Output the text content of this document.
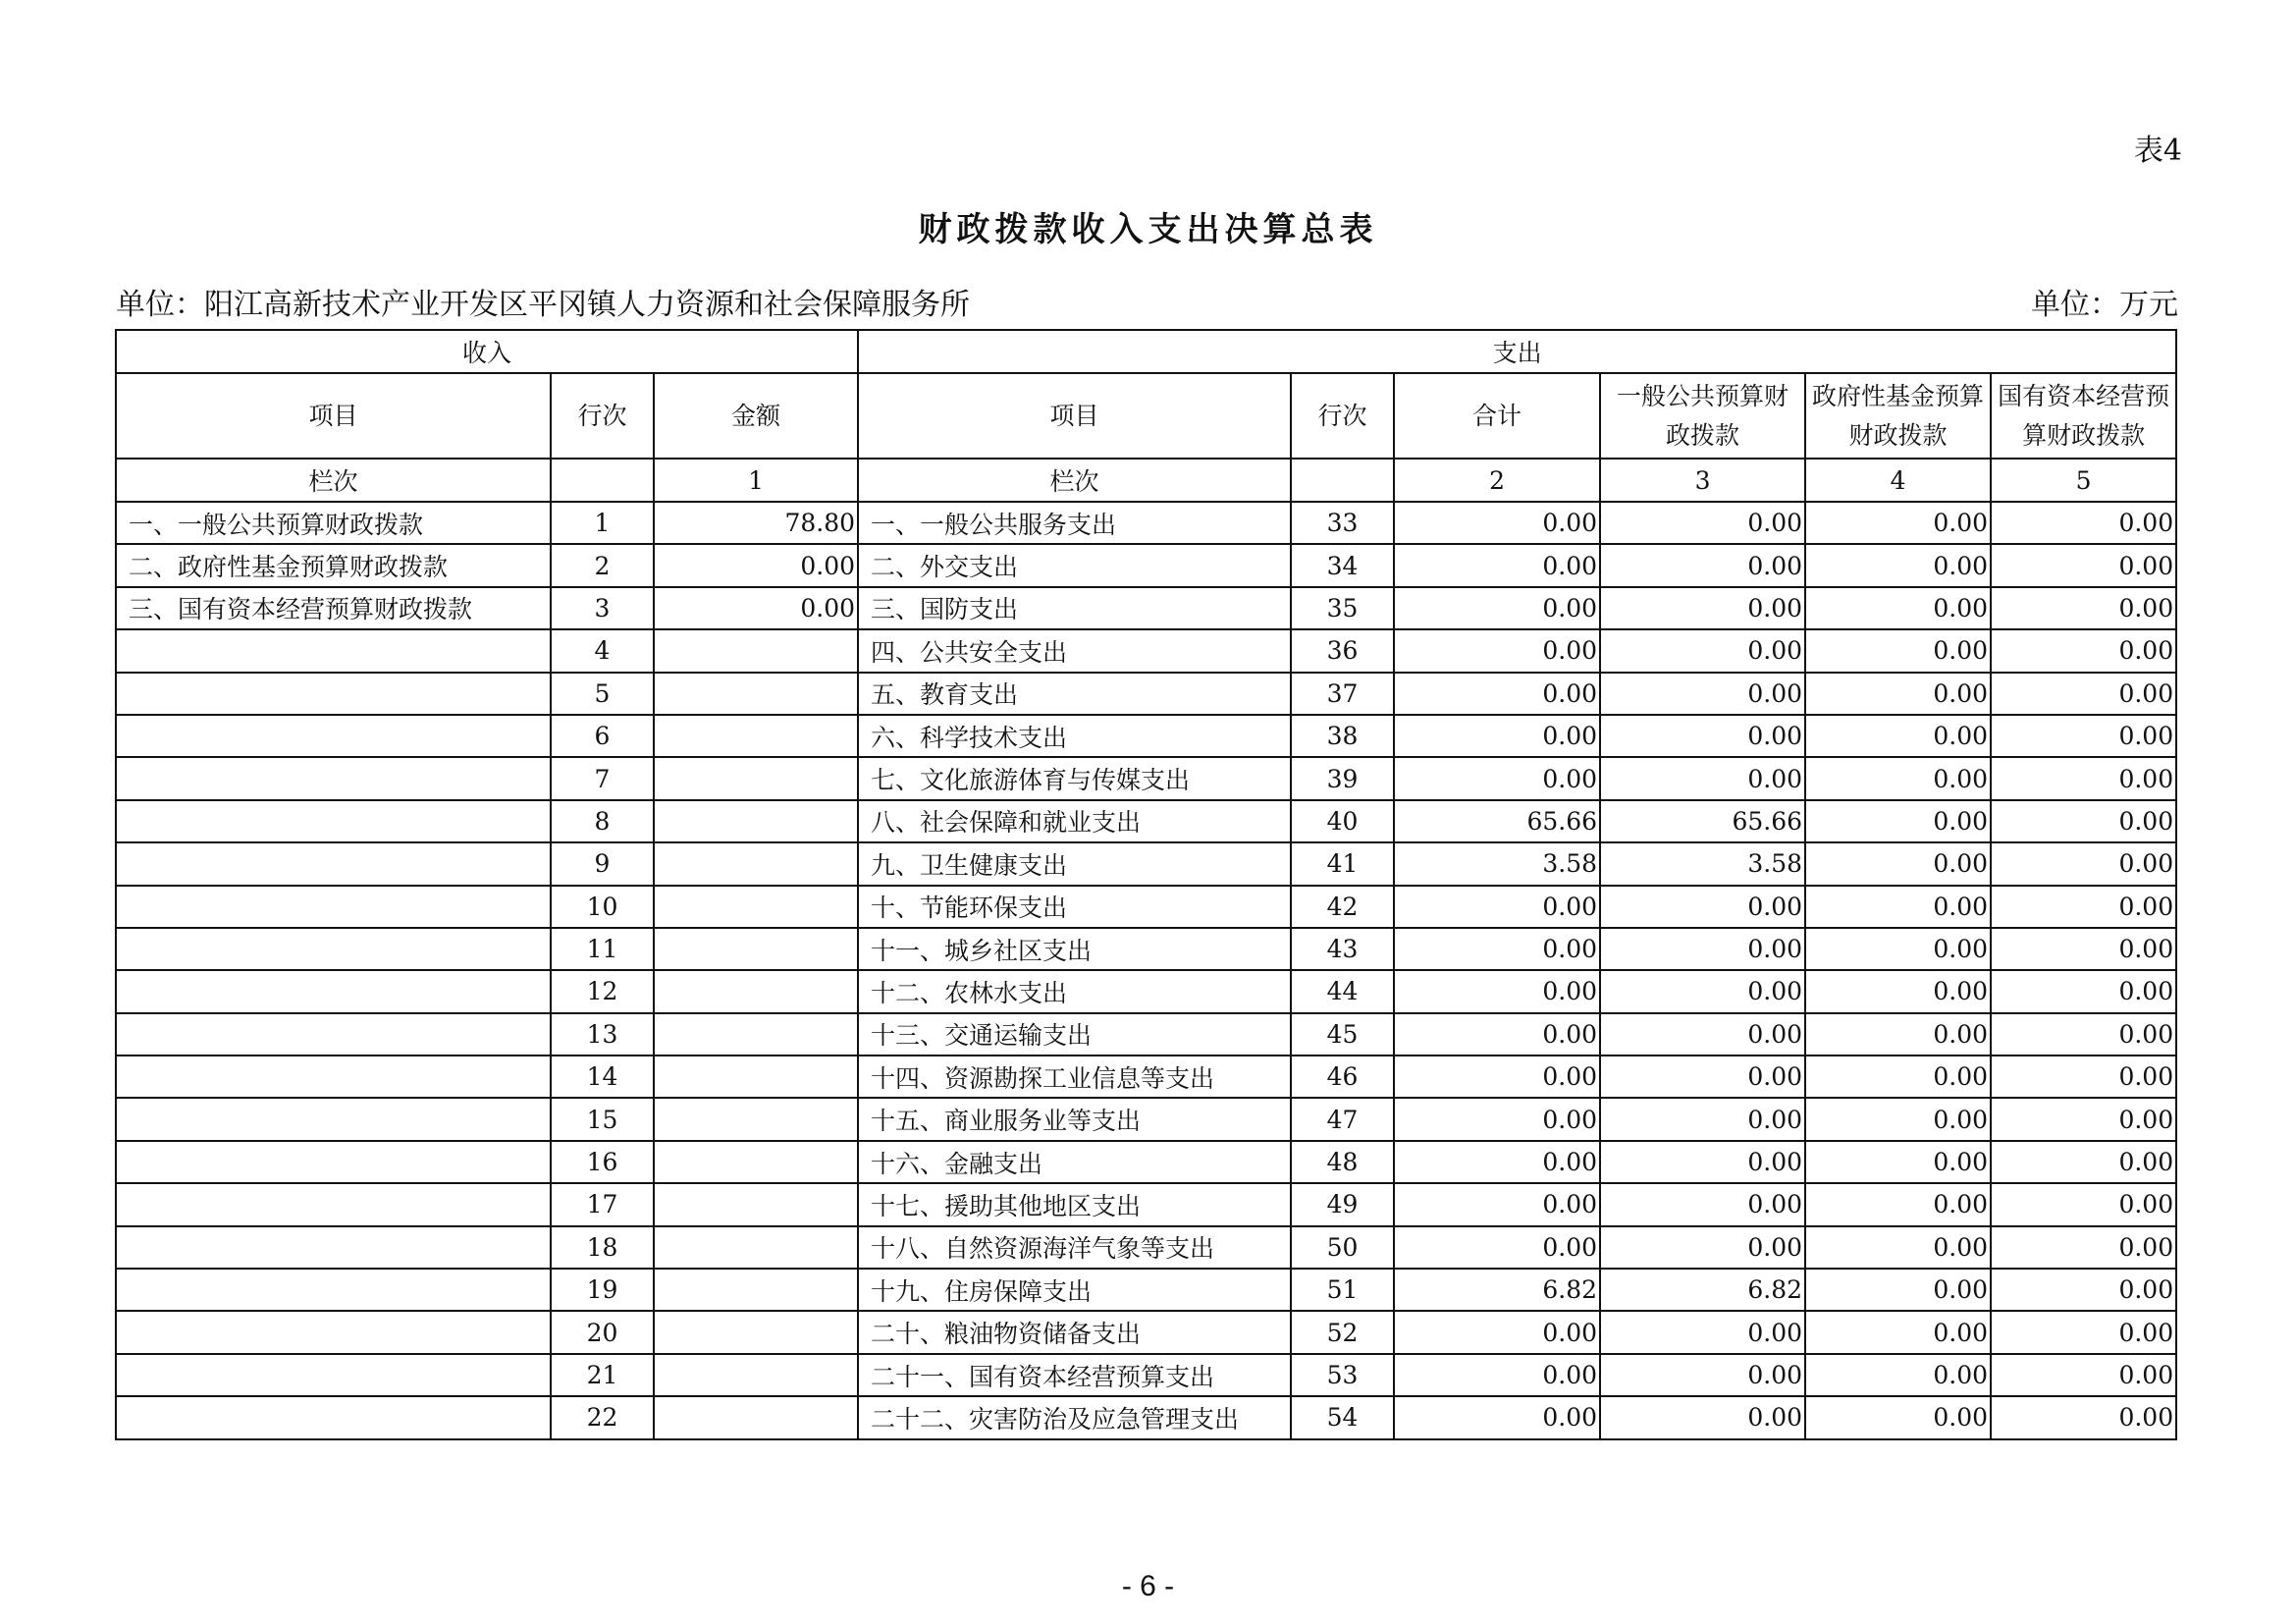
表4
财政拨款收入支出决算总表
单位：阳江高新技术产业开发区平冈镇人力资源和社会保障服务所	单位：万元
收入			支出					
项目	行次	金额	项目	行次	合计	一般公共预算财政拨款	政府性基金预算财政拨款	国有资本经营预算财政拨款
栏次		1	栏次		2	3	4	5
一、一般公共预算财政拨款	1	78.80	一、一般公共服务支出	33	0.00	0.00	0.00	0.00
二、政府性基金预算财政拨款	2	0.00	二、外交支出	34	0.00	0.00	0.00	0.00
三、国有资本经营预算财政拨款	3	0.00	三、国防支出	35	0.00	0.00	0.00	0.00
	4		四、公共安全支出	36	0.00	0.00	0.00	0.00
	5		五、教育支出	37	0.00	0.00	0.00	0.00
	6		六、科学技术支出	38	0.00	0.00	0.00	0.00
	7		七、文化旅游体育与传媒支出	39	0.00	0.00	0.00	0.00
	8		八、社会保障和就业支出	40	65.66	65.66	0.00	0.00
	9		九、卫生健康支出	41	3.58	3.58	0.00	0.00
	10		十、节能环保支出	42	0.00	0.00	0.00	0.00
	11		十一、城乡社区支出	43	0.00	0.00	0.00	0.00
	12		十二、农林水支出	44	0.00	0.00	0.00	0.00
	13		十三、交通运输支出	45	0.00	0.00	0.00	0.00
	14		十四、资源勘探工业信息等支出	46	0.00	0.00	0.00	0.00
	15		十五、商业服务业等支出	47	0.00	0.00	0.00	0.00
	16		十六、金融支出	48	0.00	0.00	0.00	0.00
	17		十七、援助其他地区支出	49	0.00	0.00	0.00	0.00
	18		十八、自然资源海洋气象等支出	50	0.00	0.00	0.00	0.00
	19		十九、住房保障支出	51	6.82	6.82	0.00	0.00
	20		二十、粮油物资储备支出	52	0.00	0.00	0.00	0.00
	21		二十一、国有资本经营预算支出	53	0.00	0.00	0.00	0.00
	22		二十二、灾害防治及应急管理支出	54	0.00	0.00	0.00	0.00
- 6 -
